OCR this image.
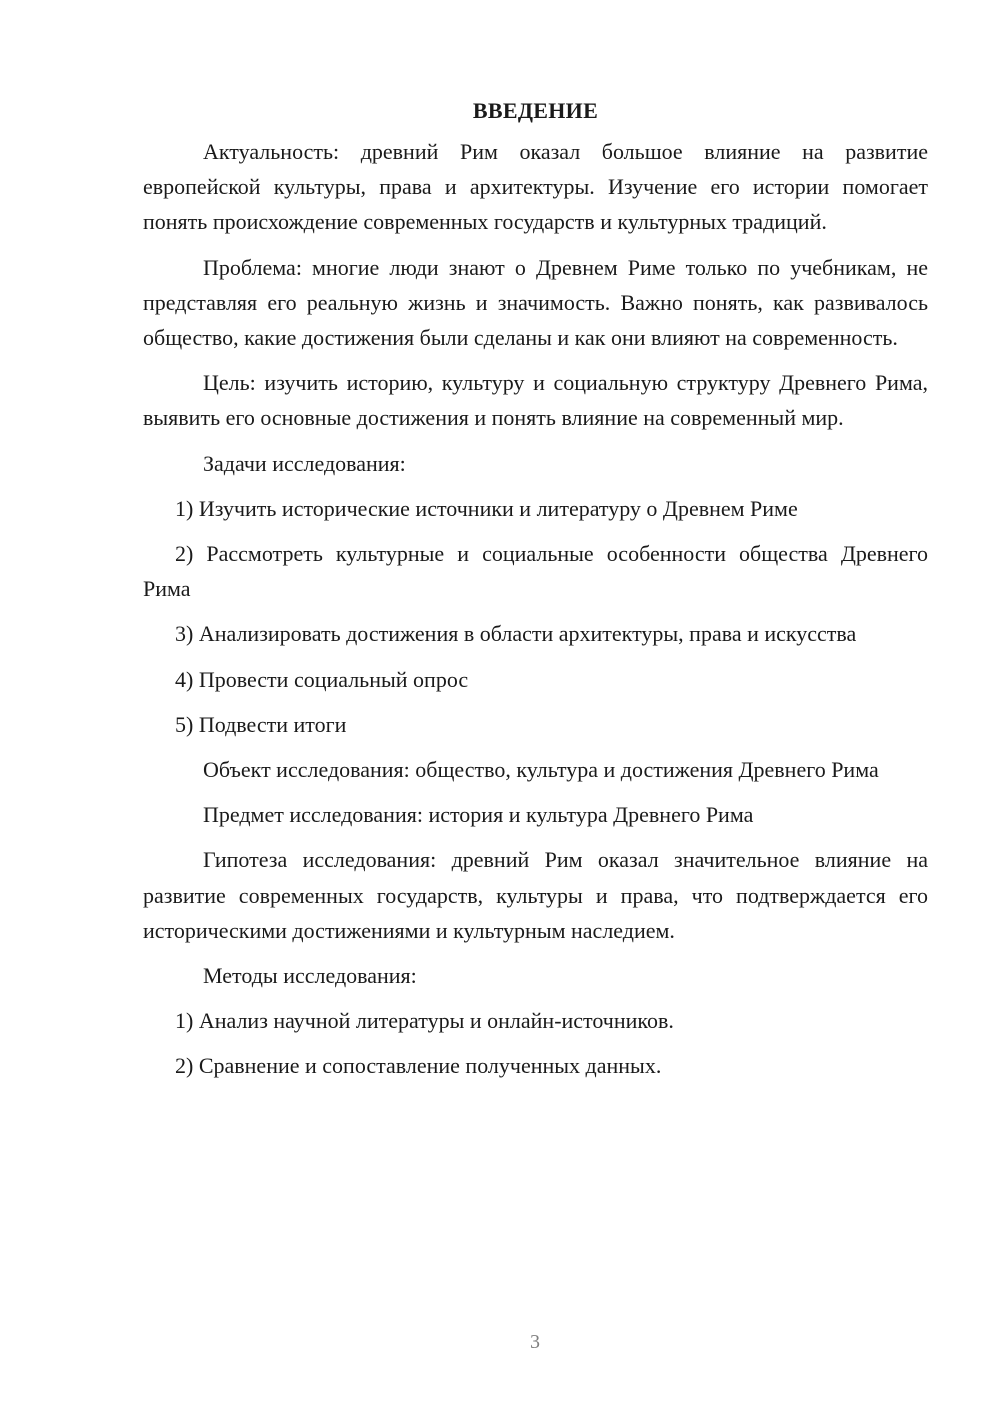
ВВЕДЕНИЕ

Актуальность: древний Рим оказал большое влияние на развитие европейской культуры, права и архитектуры. Изучение его истории помогает понять происхождение современных государств и культурных традиций.

Проблема: многие люди знают о Древнем Риме только по учебникам, не представляя его реальную жизнь и значимость. Важно понять, как развивалось общество, какие достижения были сделаны и как они влияют на современность.

Цель: изучить историю, культуру и социальную структуру Древнего Рима, выявить его основные достижения и понять влияние на современный мир.

Задачи исследования:

1) Изучить исторические источники и литературу о Древнем Риме

2) Рассмотреть культурные и социальные особенности общества Древнего Рима

3) Анализировать достижения в области архитектуры, права и искусства

4) Провести социальный опрос

5) Подвести итоги

Объект исследования: общество, культура и достижения Древнего Рима

Предмет исследования: история и культура Древнего Рима

Гипотеза исследования: древний Рим оказал значительное влияние на развитие современных государств, культуры и права, что подтверждается его историческими достижениями и культурным наследием.

Методы исследования:

1) Анализ научной литературы и онлайн-источников.

2) Сравнение и сопоставление полученных данных.

3
